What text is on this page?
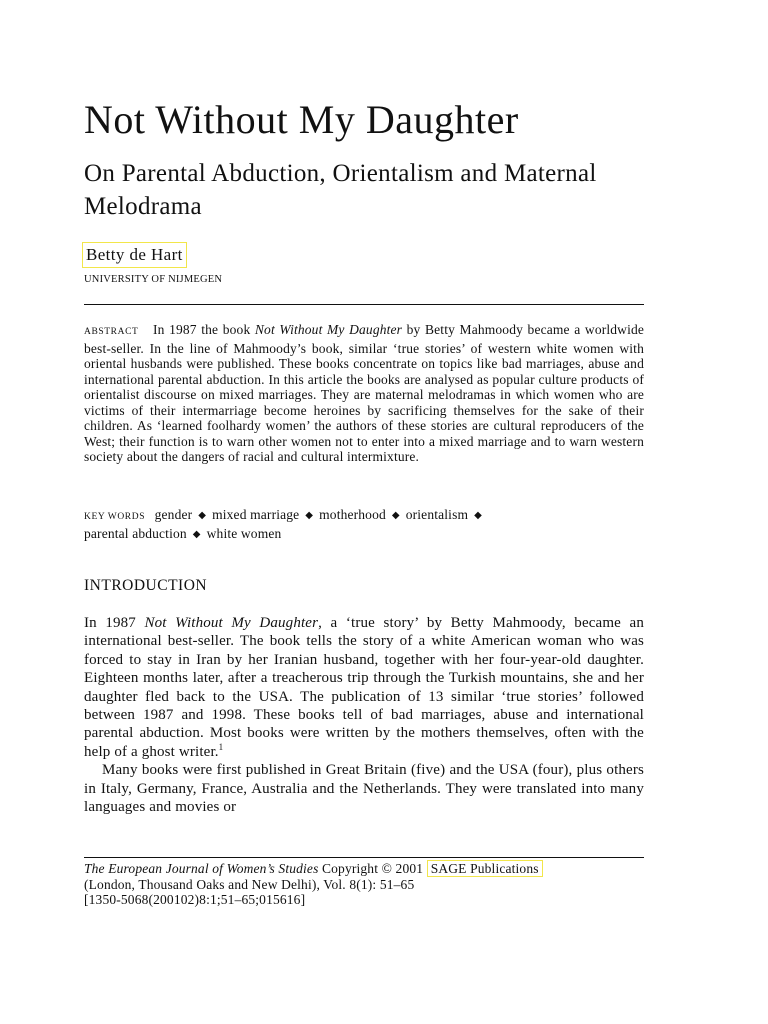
Not Without My Daughter
On Parental Abduction, Orientalism and Maternal Melodrama
Betty de Hart
UNIVERSITY OF NIJMEGEN

ABSTRACT In 1987 the book Not Without My Daughter by Betty Mahmoody became a worldwide best-seller. In the line of Mahmoody’s book, similar ‘true stories’ of western white women with oriental husbands were published. These books concentrate on topics like bad marriages, abuse and international parental abduction. In this article the books are analysed as popular culture products of orientalist discourse on mixed marriages. They are maternal melodramas in which women who are victims of their intermarriage become heroines by sacrificing themselves for the sake of their children. As ‘learned foolhardy women’ the authors of these stories are cultural reproducers of the West; their function is to warn other women not to enter into a mixed marriage and to warn western society about the dangers of racial and cultural intermixture.

KEY WORDS gender ◆ mixed marriage ◆ motherhood ◆ orientalism ◆
parental abduction ◆ white women

INTRODUCTION

In 1987 Not Without My Daughter, a ‘true story’ by Betty Mahmoody, became an international best-seller. The book tells the story of a white American woman who was forced to stay in Iran by her Iranian husband, together with her four-year-old daughter. Eighteen months later, after a treacherous trip through the Turkish mountains, she and her daughter fled back to the USA. The publication of 13 similar ‘true stories’ followed between 1987 and 1998. These books tell of bad marriages, abuse and international parental abduction. Most books were written by the mothers themselves, often with the help of a ghost writer.$^1$

Many books were first published in Great Britain (five) and the USA (four), plus others in Italy, Germany, France, Australia and the Netherlands. They were translated into many languages and movies or

The European Journal of Women’s Studies Copyright © 2001 SAGE Publications
(London, Thousand Oaks and New Delhi), Vol. 8(1): 51–65
[1350-5068(200102)8:1;51–65;015616]
